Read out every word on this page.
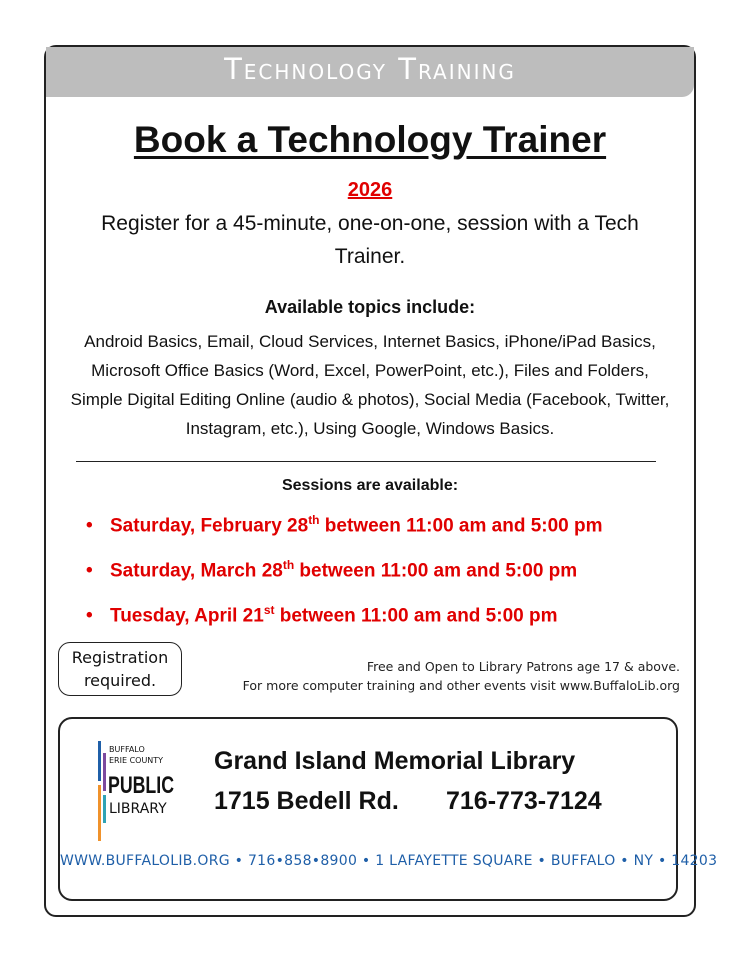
Technology Training
Book a Technology Trainer
2026
Register for a 45-minute, one-on-one, session with a Tech Trainer.
Available topics include:
Android Basics, Email, Cloud Services, Internet Basics, iPhone/iPad Basics, Microsoft Office Basics (Word, Excel, PowerPoint, etc.), Files and Folders, Simple Digital Editing Online (audio & photos), Social Media (Facebook, Twitter, Instagram, etc.), Using Google, Windows Basics.
Sessions are available:
• Saturday, February 28th between 11:00 am and 5:00 pm
• Saturday, March 28th between 11:00 am and 5:00 pm
• Tuesday, April 21st between 11:00 am and 5:00 pm
Registration
required.
Free and Open to Library Patrons age 17 & above.
For more computer training and other events visit www.BuffaloLib.org
BUFFALO
ERIE COUNTY
PUBLIC
LIBRARY
Grand Island Memorial Library
1715 Bedell Rd. 716-773-7124
WWW.BUFFALOLIB.ORG • 716•858•8900 • 1 LAFAYETTE SQUARE • BUFFALO • NY • 14203
